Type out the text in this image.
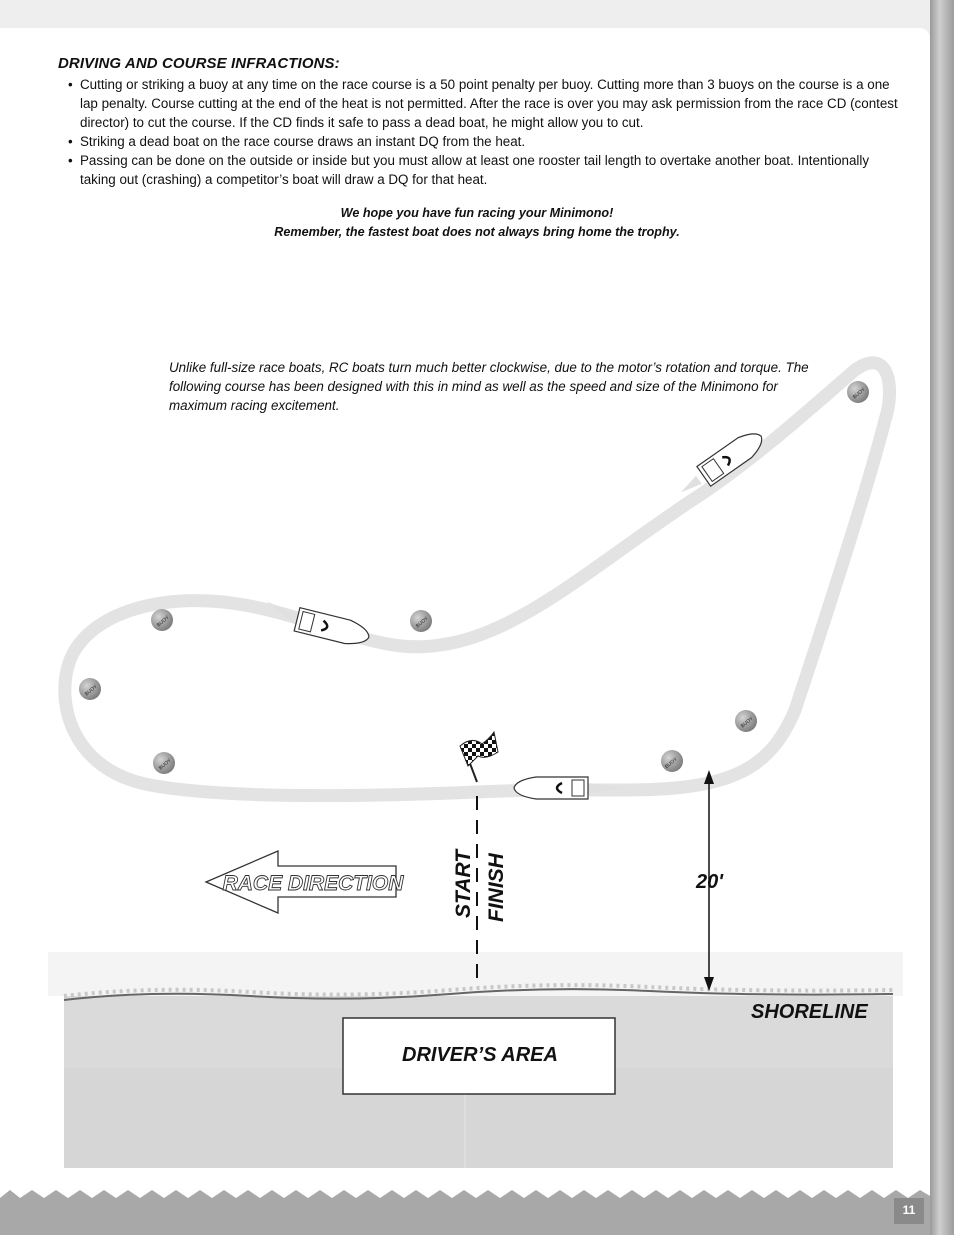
DRIVING AND COURSE INFRACTIONS:
• Cutting or striking a buoy at any time on the race course is a 50 point penalty per buoy. Cutting more than 3 buoys on the course is a one lap penalty. Course cutting at the end of the heat is not permitted. After the race is over you may ask permission from the race CD (contest director) to cut the course. If the CD finds it safe to pass a dead boat, he might allow you to cut.
• Striking a dead boat on the race course draws an instant DQ from the heat.
• Passing can be done on the outside or inside but you must allow at least one rooster tail length to overtake another boat. Intentionally taking out (crashing) a competitor’s boat will draw a DQ for that heat.
We hope you have fun racing your Minimono!
Remember, the fastest boat does not always bring home the trophy.
Unlike full-size race boats, RC boats turn much better clockwise, due to the motor’s rotation and torque. The following course has been designed with this in mind as well as the speed and size of the Minimono for maximum racing excitement.
BUOY
BUOY	BUOY
BUOY
BUOY
BUOY	BUOY
START FINISH
RACE DIRECTION	20'
SHORELINE
DRIVER’S AREA
11
